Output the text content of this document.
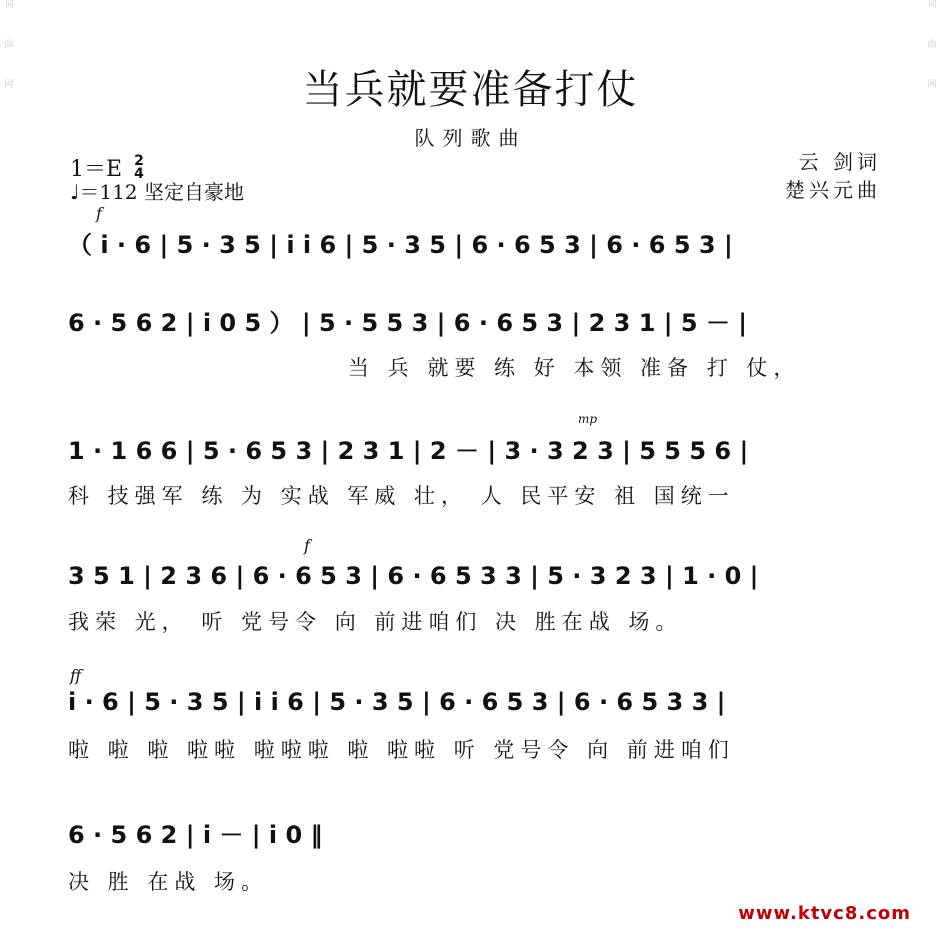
词
曲
网
词
曲
网
当兵就要准备打仗
队列歌曲
1＝E 2
4
♩＝112 坚定自豪地
云 剑词
楚兴元曲
f
mp
f
ff
（ i · 6 | 5 · 3 5 | i i 6 | 5 · 3 5 | 6 · 6 5 3 | 6 · 6 5 3 |
6 · 5 6 2 | i 0 5 ） | 5 · 5 5 3 | 6 · 6 5 3 | 2 3 1 | 5 － |
当 兵 就要 练 好 本领 准备 打 仗，
1 · 1 6 6 | 5 · 6 5 3 | 2 3 1 | 2 － | 3 · 3 2 3 | 5 5 5 6 |
科 技强军 练 为 实战 军威 壮， 人 民平安 祖 国统一
3 5 1 | 2 3 6 | 6 · 6 5 3 | 6 · 6 5 3 3 | 5 · 3 2 3 | 1 · 0 |
我荣 光， 听 党号令 向 前进咱们 决 胜在战 场。
i · 6 | 5 · 3 5 | i i 6 | 5 · 3 5 | 6 · 6 5 3 | 6 · 6 5 3 3 |
啦 啦 啦 啦啦 啦啦啦 啦 啦啦 听 党号令 向 前进咱们
6 · 5 6 2 | i － | i 0 ‖
决 胜 在战 场。
www.ktvc8.com
